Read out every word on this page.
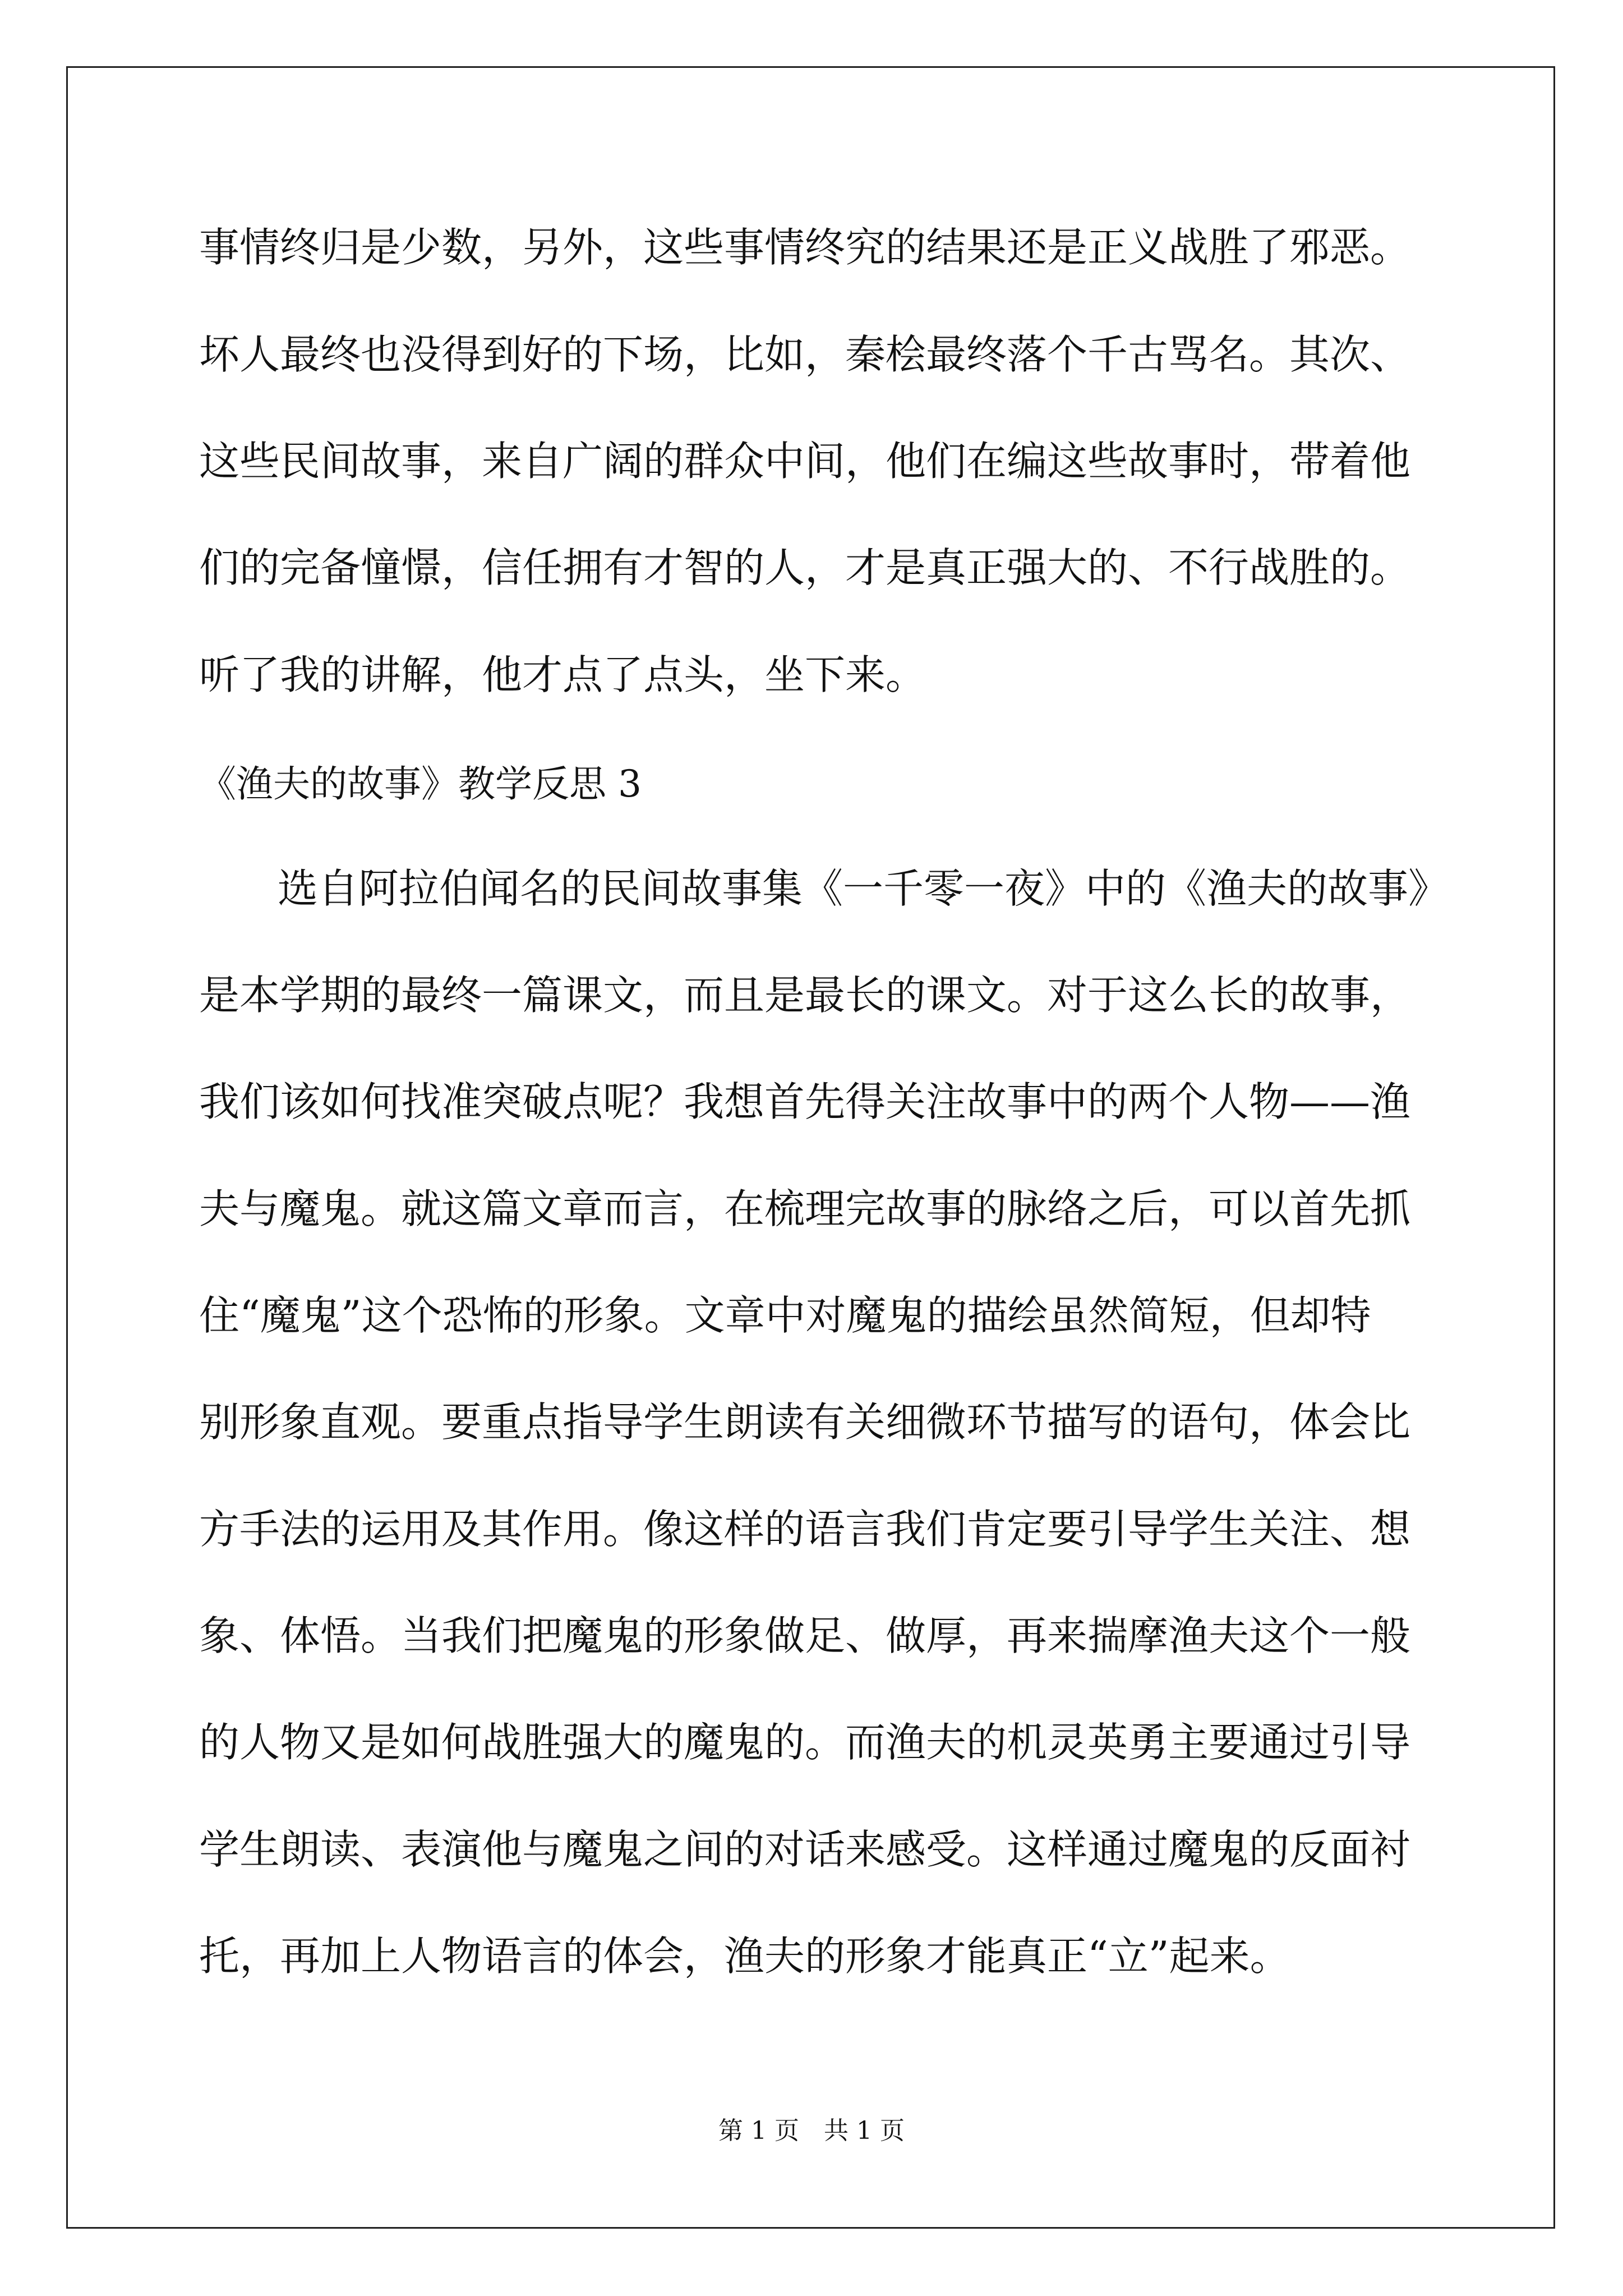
事情终归是少数，另外，这些事情终究的结果还是正义战胜了邪恶。
坏人最终也没得到好的下场，比如，秦桧最终落个千古骂名。其次、
这些民间故事，来自广阔的群众中间，他们在编这些故事时，带着他
们的完备憧憬，信任拥有才智的人，才是真正强大的、不行战胜的。
听了我的讲解，他才点了点头，坐下来。
《渔夫的故事》教学反思 3
选自阿拉伯闻名的民间故事集《一千零一夜》中的《渔夫的故事》
是本学期的最终一篇课文，而且是最长的课文。对于这么长的故事，
我们该如何找准突破点呢？我想首先得关注故事中的两个人物——渔
夫与魔鬼。就这篇文章而言，在梳理完故事的脉络之后，可以首先抓
住“魔鬼”这个恐怖的形象。文章中对魔鬼的描绘虽然简短，但却特
别形象直观。要重点指导学生朗读有关细微环节描写的语句，体会比
方手法的运用及其作用。像这样的语言我们肯定要引导学生关注、想
象、体悟。当我们把魔鬼的形象做足、做厚，再来揣摩渔夫这个一般
的人物又是如何战胜强大的魔鬼的。而渔夫的机灵英勇主要通过引导
学生朗读、表演他与魔鬼之间的对话来感受。这样通过魔鬼的反面衬
托，再加上人物语言的体会，渔夫的形象才能真正“立”起来。
第 1 页　共 1 页
